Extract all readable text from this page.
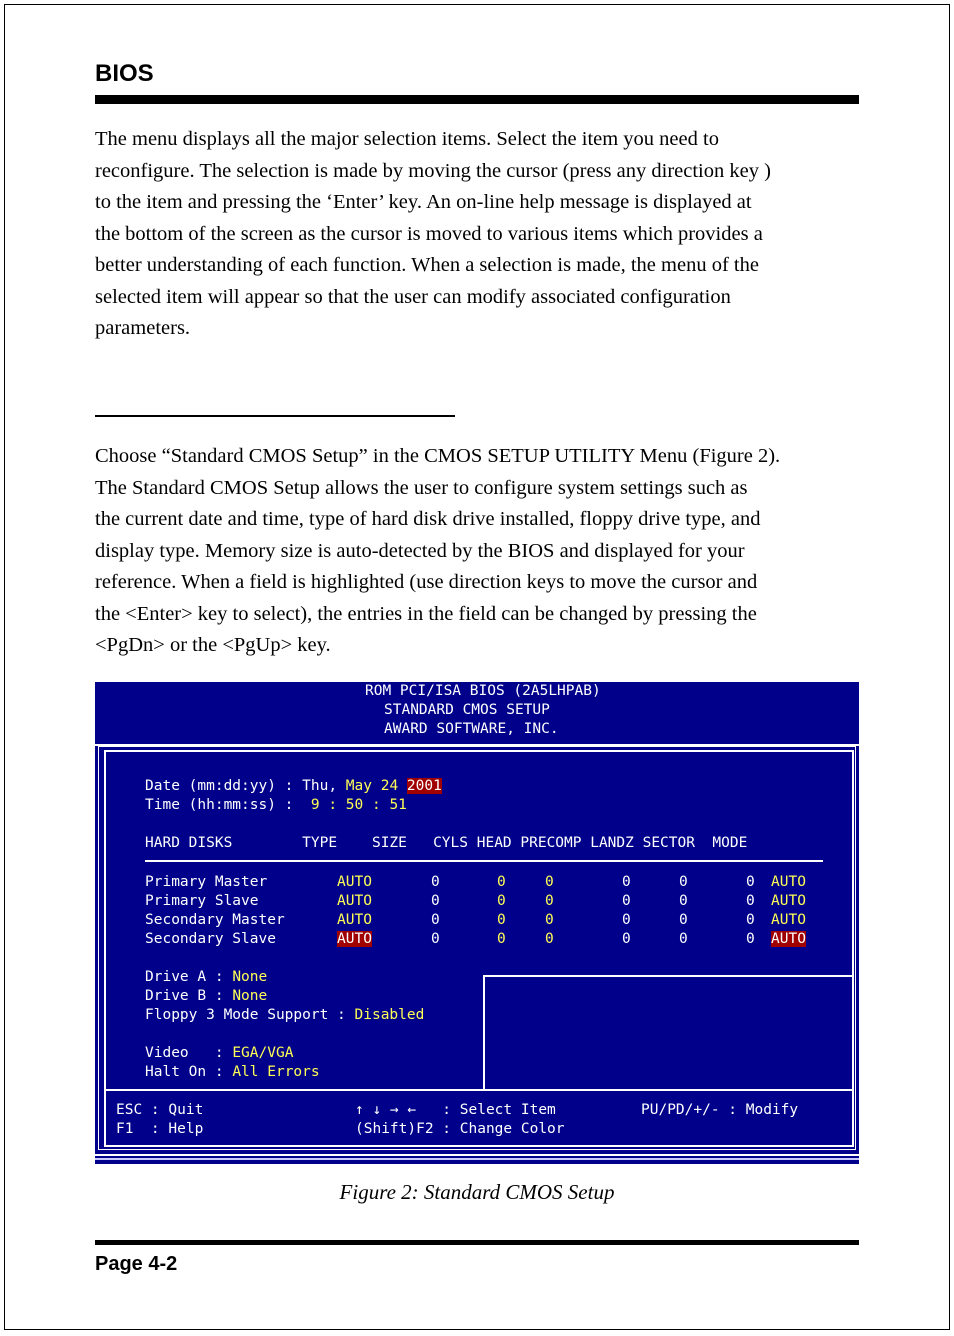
BIOS
The menu displays all the major selection items. Select the item you need to
reconfigure. The selection is made by moving the cursor (press any direction key )
to the item and pressing the ‘Enter’ key. An on-line help message is displayed at
the bottom of the screen as the cursor is moved to various items which provides a
better understanding of each function. When a selection is made, the menu of the
selected item will appear so that the user can modify associated configuration
parameters.
Choose “Standard CMOS Setup” in the CMOS SETUP UTILITY Menu (Figure 2).
The Standard CMOS Setup allows the user to configure system settings such as
the current date and time, type of hard disk drive installed, floppy drive type, and
display type. Memory size is auto-detected by the BIOS and displayed for your
reference. When a field is highlighted (use direction keys to move the cursor and
the <Enter> key to select), the entries in the field can be changed by pressing the
<PgDn> or the <PgUp> key.
ROM PCI/ISA BIOS (2A5LHPAB)
STANDARD CMOS SETUP
AWARD SOFTWARE, INC.
Date (mm:dd:yy) : Thu, May 24 2001
Time (hh:mm:ss) :  9 : 50 : 51
HARD DISKS        TYPE    SIZE   CYLS HEAD PRECOMP LANDZ SECTOR  MODE
Drive A : None
Drive B : None
Floppy 3 Mode Support : Disabled
Video   : EGA/VGA
Halt On : All Errors
ESC : Quit
F1  : Help
↑ ↓ → ←   : Select Item
(Shift)F2 : Change Color
PU/PD/+/- : Modify
Primary Master	AUTO	0	0	0	0	0	0 AUTO
Primary Slave	AUTO	0	0	0	0	0	0 AUTO
Secondary Master	AUTO	0	0	0	0	0	0 AUTO
Secondary Slave	AUTO	0	0	0	0	0	0 AUTO
Figure 2: Standard CMOS Setup
Page 4-2
